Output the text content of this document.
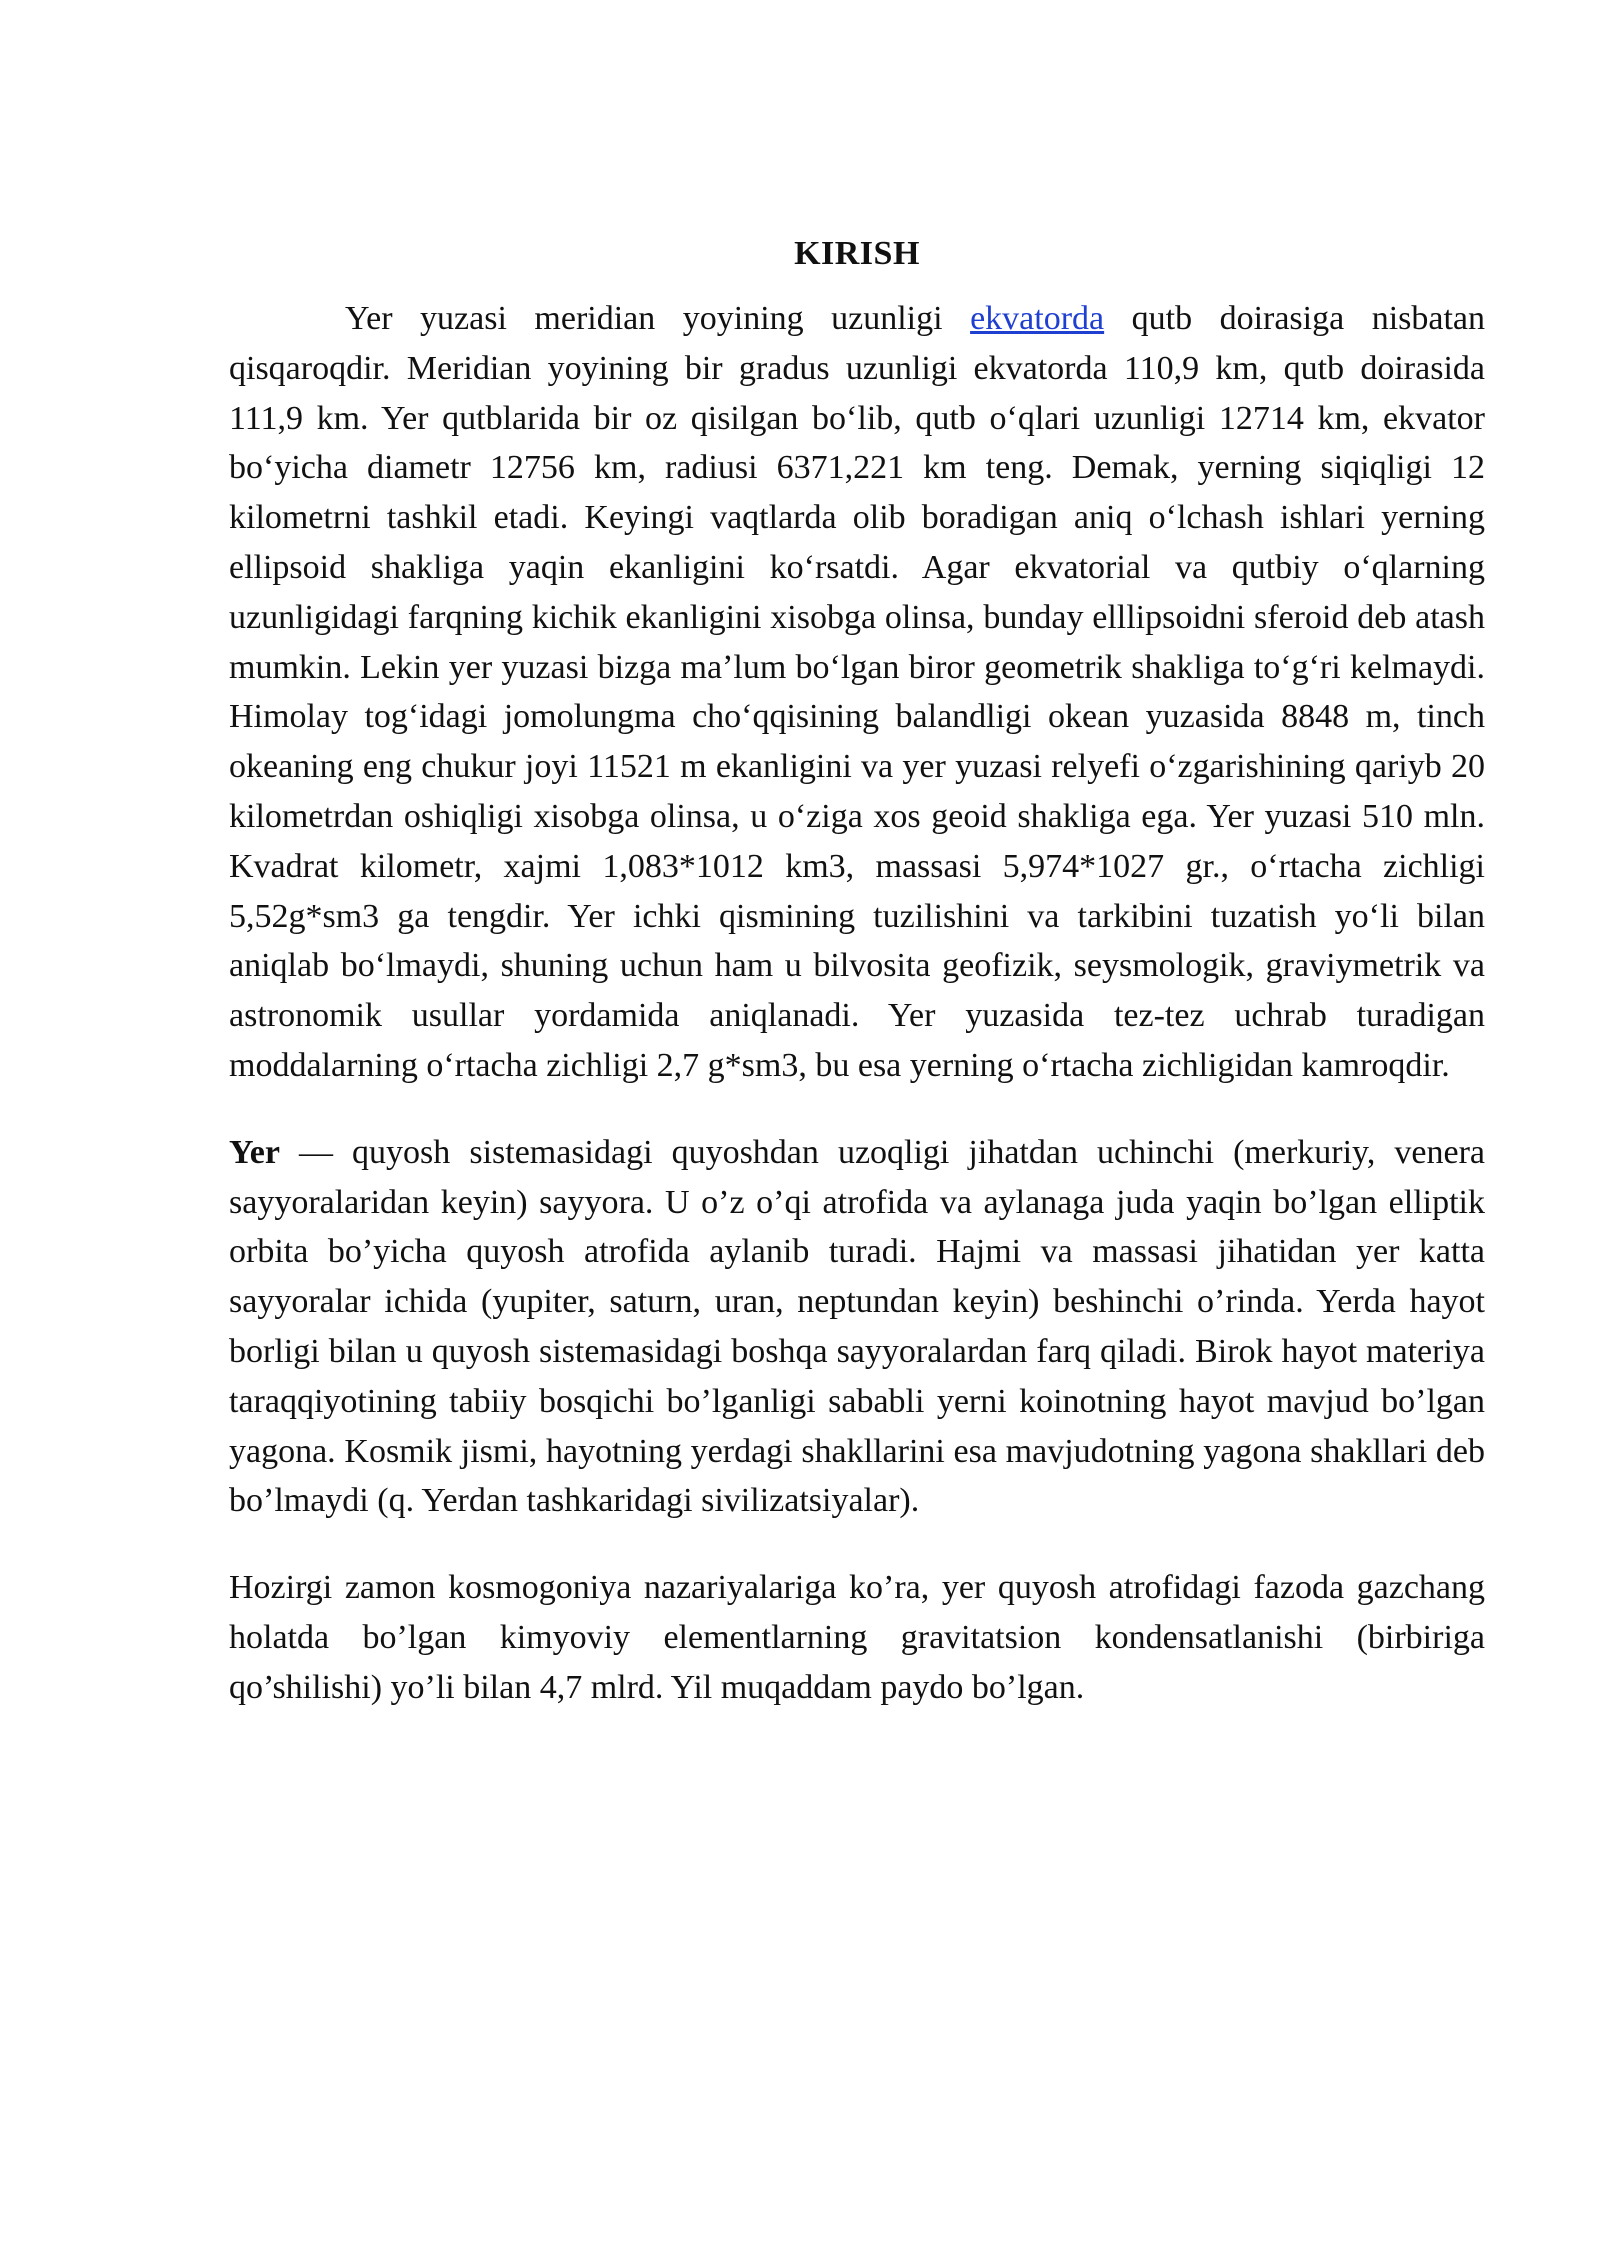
KIRISH

Yer yuzasi meridian yoyining uzunligi ekvatorda qutb doirasiga nisbatan qisqaroqdir. Meridian yoyining bir gradus uzunligi ekvatorda 110,9 km, qutb doirasida 111,9 km. Yer qutblarida bir oz qisilgan boʻlib, qutb oʻqlari uzunligi 12714 km, ekvator boʻyicha diametr 12756 km, radiusi 6371,221 km teng. Demak, yerning siqiqligi 12 kilometrni tashkil etadi. Keyingi vaqtlarda olib boradigan aniq oʻlchash ishlari yerning ellipsoid shakliga yaqin ekanligini koʻrsatdi. Agar ekvatorial va qutbiy oʻqlarning uzunligidagi farqning kichik ekanligini xisobga olinsa, bunday elllipsoidni sferoid deb atash mumkin. Lekin yer yuzasi bizga maʼlum boʻlgan biror geometrik shakliga toʻgʻri kelmaydi. Himolay togʻidagi jomolungma choʻqqisining balandligi okean yuzasida 8848 m, tinch okeaning eng chukur joyi 11521 m ekanligini va yer yuzasi relyefi oʻzgarishining qariyb 20 kilometrdan oshiqligi xisobga olinsa, u oʻziga xos geoid shakliga ega. Yer yuzasi 510 mln. Kvadrat kilometr, xajmi 1,083*1012 km3, massasi 5,974*1027 gr., oʻrtacha zichligi 5,52g*sm3 ga tengdir. Yer ichki qismining tuzilishini va tarkibini tuzatish yoʻli bilan aniqlab boʻlmaydi, shuning uchun ham u bilvosita geofizik, seysmologik, graviymetrik va astronomik usullar yordamida aniqlanadi. Yer yuzasida tez-tez uchrab turadigan moddalarning oʻrtacha zichligi 2,7 g*sm3, bu esa yerning oʻrtacha zichligidan kamroqdir.

Yer — quyosh sistemasidagi quyoshdan uzoqligi jihatdan uchinchi (merkuriy, venera sayyoralaridan keyin) sayyora. U o’z o’qi atrofida va aylanaga juda yaqin bo’lgan elliptik orbita bo’yicha quyosh atrofida aylanib turadi. Hajmi va massasi jihatidan yer katta sayyoralar ichida (yupiter, saturn, uran, neptundan keyin) beshinchi o’rinda. Yerda hayot borligi bilan u quyosh sistemasidagi boshqa sayyoralardan farq qiladi. Birok hayot materiya taraqqiyotining tabiiy bosqichi bo’lganligi sababli yerni koinotning hayot mavjud bo’lgan yagona. Kosmik jismi, hayotning yerdagi shakllarini esa mavjudotning yagona shakllari deb bo’lmaydi (q. Yerdan tashkaridagi sivilizatsiyalar).

Hozirgi zamon kosmogoniya nazariyalariga ko’ra, yer quyosh atrofidagi fazoda gazchang holatda bo’lgan kimyoviy elementlarning gravitatsion kondensatlanishi (birbiriga qo’shilishi) yo’li bilan 4,7 mlrd. Yil muqaddam paydo bo’lgan.
